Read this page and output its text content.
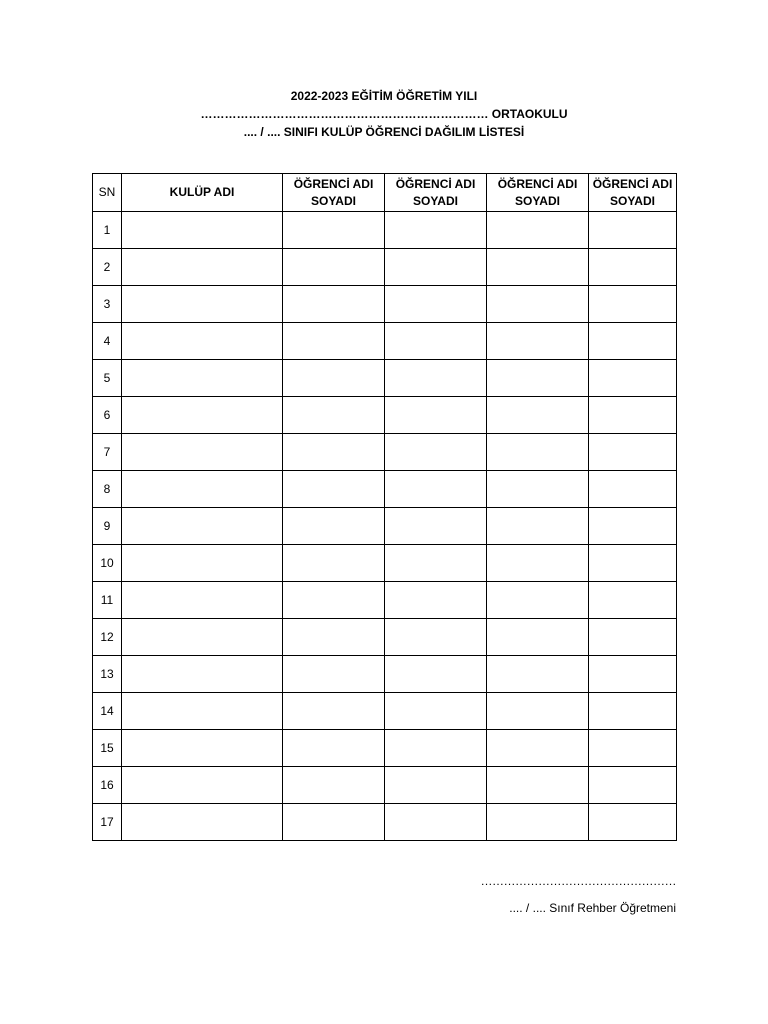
2022-2023 EĞİTİM ÖĞRETİM YILI
……………………………………………………………… ORTAOKULU
.... / .... SINIFI KULÜP ÖĞRENCİ DAĞILIM LİSTESİ
SN	KULÜP ADI	ÖĞRENCİ ADI SOYADI	ÖĞRENCİ ADI SOYADI	ÖĞRENCİ ADI SOYADI	ÖĞRENCİ ADI SOYADI
1					
2					
3					
4					
5					
6					
7					
8					
9					
10					
11					
12					
13					
14					
15					
16					
17					
……………………………………………
.... / .... Sınıf Rehber Öğretmeni
